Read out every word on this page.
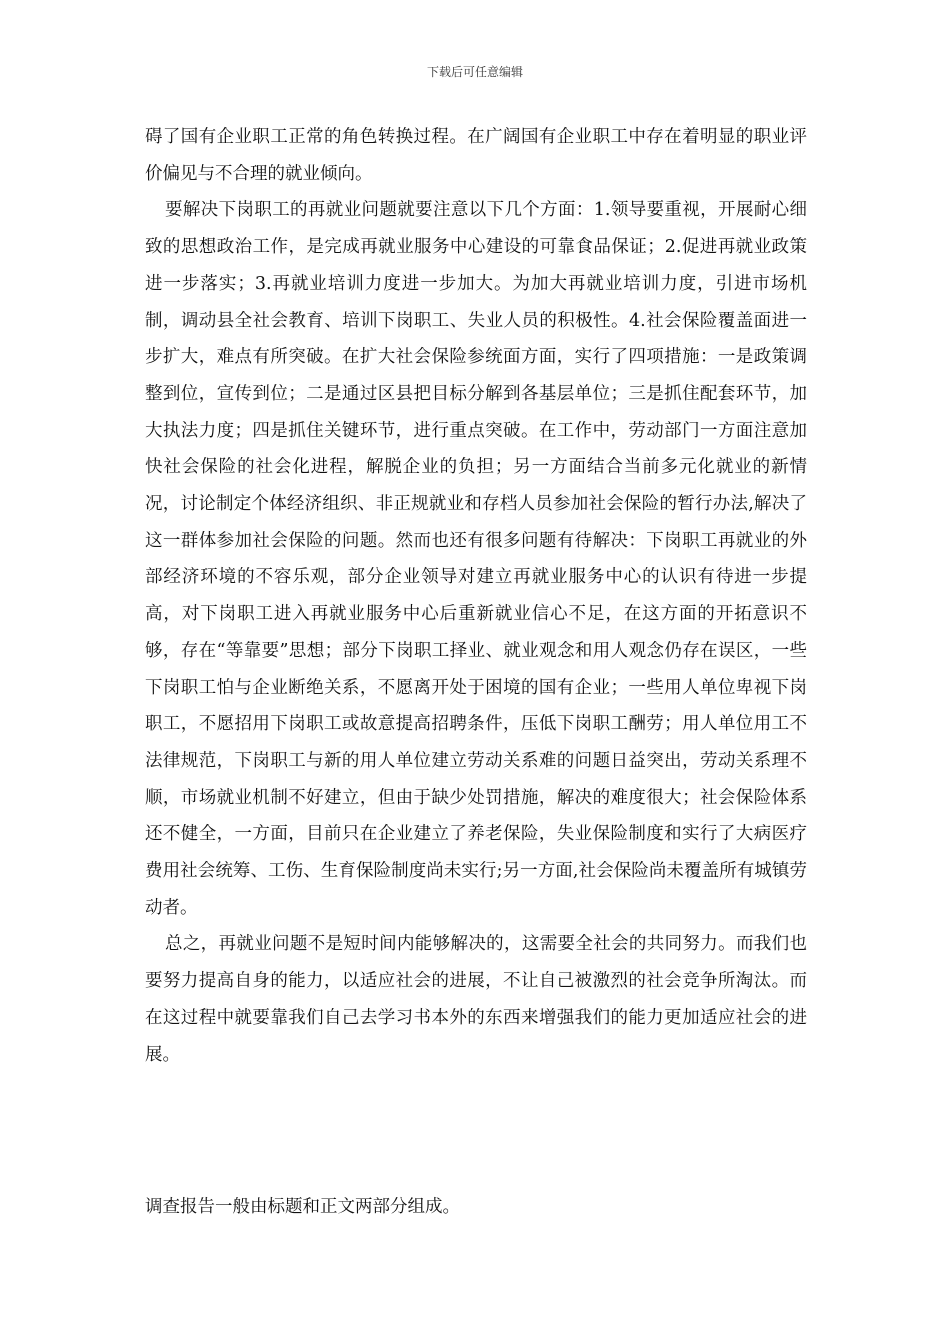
下载后可任意编辑

碍了国有企业职工正常的角色转换过程。在广阔国有企业职工中存在着明显的职业评价偏见与不合理的就业倾向。

要解决下岗职工的再就业问题就要注意以下几个方面：1.领导要重视，开展耐心细致的思想政治工作，是完成再就业服务中心建设的可靠食品保证；2.促进再就业政策进一步落实；3.再就业培训力度进一步加大。为加大再就业培训力度，引进市场机制，调动县全社会教育、培训下岗职工、失业人员的积极性。4.社会保险覆盖面进一步扩大，难点有所突破。在扩大社会保险参统面方面，实行了四项措施：一是政策调整到位，宣传到位；二是通过区县把目标分解到各基层单位；三是抓住配套环节，加大执法力度；四是抓住关键环节，进行重点突破。在工作中，劳动部门一方面注意加快社会保险的社会化进程，解脱企业的负担；另一方面结合当前多元化就业的新情况，讨论制定个体经济组织、非正规就业和存档人员参加社会保险的暂行办法,解决了这一群体参加社会保险的问题。然而也还有很多问题有待解决：下岗职工再就业的外部经济环境的不容乐观，部分企业领导对建立再就业服务中心的认识有待进一步提高，对下岗职工进入再就业服务中心后重新就业信心不足，在这方面的开拓意识不够，存在“等靠要”思想；部分下岗职工择业、就业观念和用人观念仍存在误区，一些下岗职工怕与企业断绝关系，不愿离开处于困境的国有企业；一些用人单位卑视下岗职工，不愿招用下岗职工或故意提高招聘条件，压低下岗职工酬劳；用人单位用工不法律规范，下岗职工与新的用人单位建立劳动关系难的问题日益突出，劳动关系理不顺，市场就业机制不好建立，但由于缺少处罚措施，解决的难度很大；社会保险体系还不健全，一方面，目前只在企业建立了养老保险，失业保险制度和实行了大病医疗费用社会统筹、工伤、生育保险制度尚未实行;另一方面,社会保险尚未覆盖所有城镇劳动者。

总之，再就业问题不是短时间内能够解决的，这需要全社会的共同努力。而我们也要努力提高自身的能力，以适应社会的进展，不让自己被激烈的社会竞争所淘汰。而在这过程中就要靠我们自己去学习书本外的东西来增强我们的能力更加适应社会的进展。

调查报告一般由标题和正文两部分组成。
